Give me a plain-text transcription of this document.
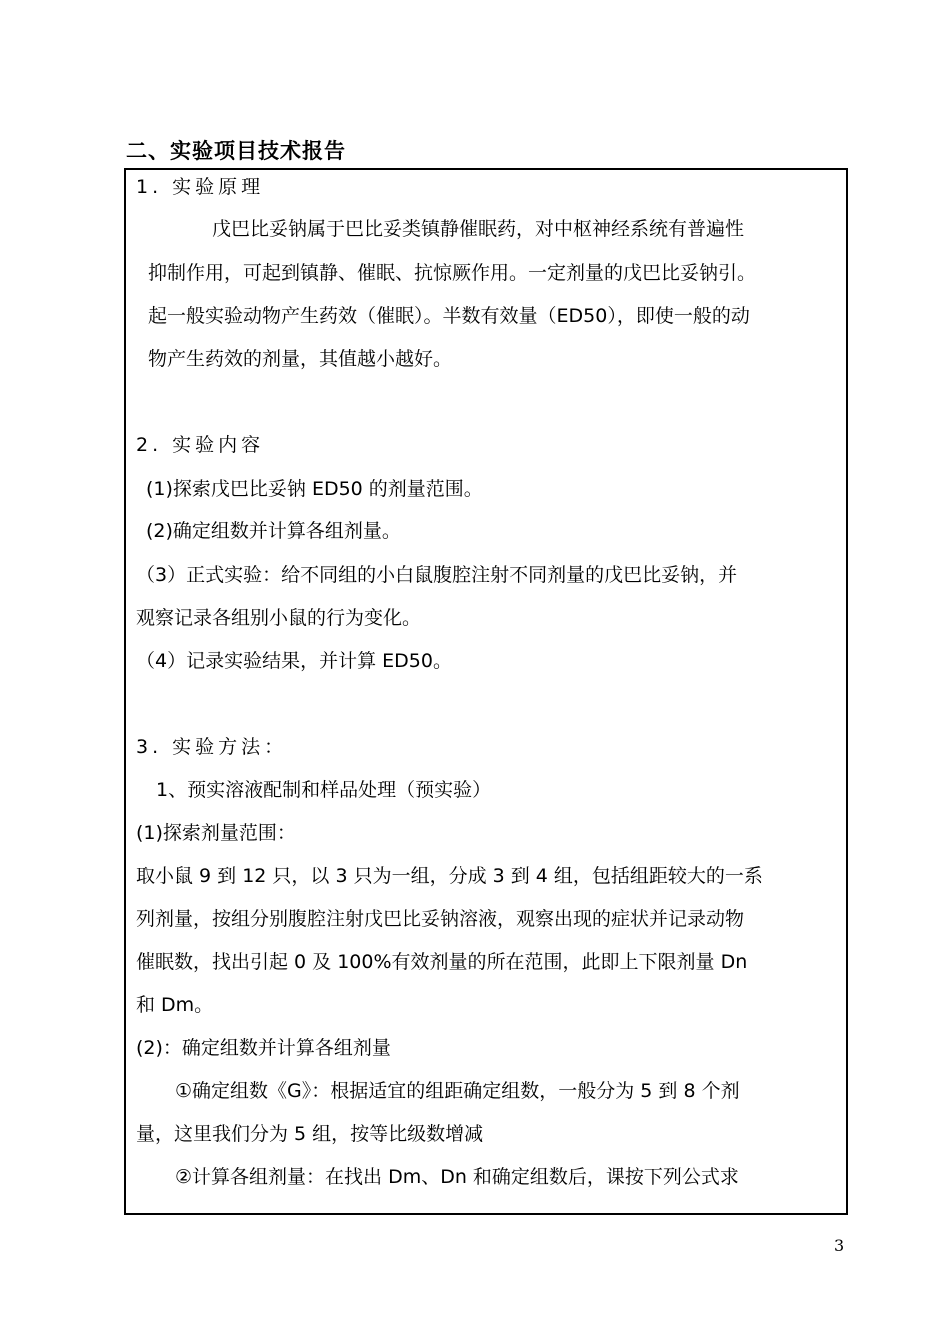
二、实验项目技术报告
1. 实验原理
戊巴比妥钠属于巴比妥类镇静催眠药，对中枢神经系统有普遍性
抑制作用，可起到镇静、催眠、抗惊厥作用。一定剂量的戊巴比妥钠引。
起一般实验动物产生药效（催眠）。半数有效量（ED50），即使一般的动
物产生药效的剂量，其值越小越好。
2. 实验内容
(1)探索戊巴比妥钠 ED50 的剂量范围。
(2)确定组数并计算各组剂量。
（3）正式实验：给不同组的小白鼠腹腔注射不同剂量的戊巴比妥钠，并
观察记录各组别小鼠的行为变化。
（4）记录实验结果，并计算 ED50。
3. 实验方法：
1、预实溶液配制和样品处理（预实验）
(1)探索剂量范围：
取小鼠 9 到 12 只，以 3 只为一组，分成 3 到 4 组，包括组距较大的一系
列剂量，按组分别腹腔注射戊巴比妥钠溶液，观察出现的症状并记录动物
催眠数，找出引起 0 及 100%有效剂量的所在范围，此即上下限剂量 Dn
和 Dm。
(2)：确定组数并计算各组剂量
①确定组数《G》：根据适宜的组距确定组数，一般分为 5 到 8 个剂
量，这里我们分为 5 组，按等比级数增减
②计算各组剂量：在找出 Dm、Dn 和确定组数后，课按下列公式求
3
